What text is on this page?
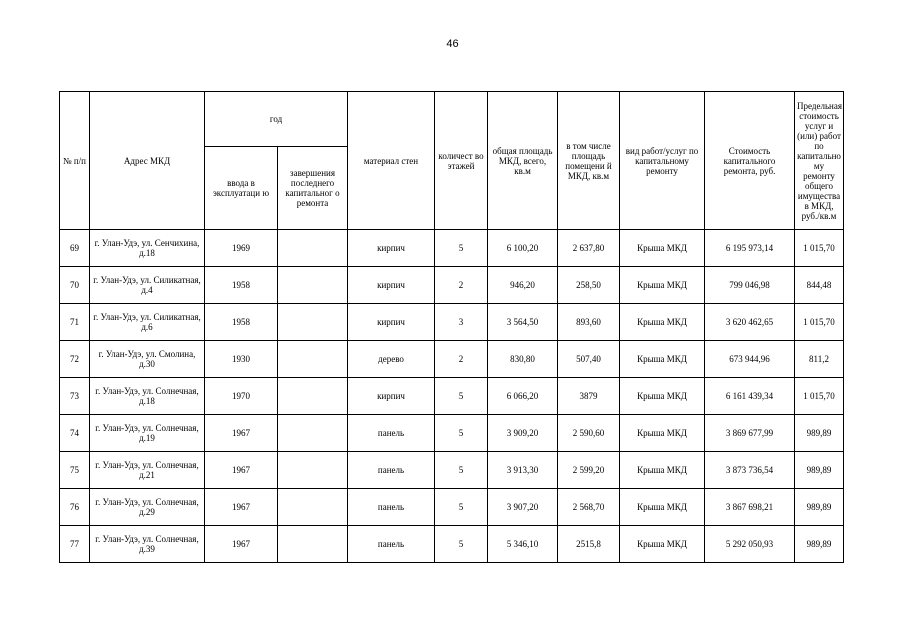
46
№ п/п	Адрес МКД	год		материал стен	количест во этажей	общая площадь МКД, всего, кв.м	в том числе площадь помещени й МКД, кв.м	вид работ/услуг по капитальному ремонту	Стоимость капитального ремонта, руб.	Предельная стоимость услуг и (или) работ по капитально му ремонту общего имущества в МКД, руб./кв.м
		ввода в эксплуатаци ю	завершения последнего капитальног о ремонта							
69	г. Улан-Удэ, ул. Сенчихина, д.18	1969		кирпич	5	6 100,20	2 637,80	Крыша МКД	6 195 973,14	1 015,70
70	г. Улан-Удэ, ул. Силикатная, д.4	1958		кирпич	2	946,20	258,50	Крыша МКД	799 046,98	844,48
71	г. Улан-Удэ, ул. Силикатная, д.6	1958		кирпич	3	3 564,50	893,60	Крыша МКД	3 620 462,65	1 015,70
72	г. Улан-Удэ, ул. Смолина, д.30	1930		дерево	2	830,80	507,40	Крыша МКД	673 944,96	811,2
73	г. Улан-Удэ, ул. Солнечная, д.18	1970		кирпич	5	6 066,20	3879	Крыша МКД	6 161 439,34	1 015,70
74	г. Улан-Удэ, ул. Солнечная, д.19	1967		панель	5	3 909,20	2 590,60	Крыша МКД	3 869 677,99	989,89
75	г. Улан-Удэ, ул. Солнечная, д.21	1967		панель	5	3 913,30	2 599,20	Крыша МКД	3 873 736,54	989,89
76	г. Улан-Удэ, ул. Солнечная, д.29	1967		панель	5	3 907,20	2 568,70	Крыша МКД	3 867 698,21	989,89
77	г. Улан-Удэ, ул. Солнечная, д.39	1967		панель	5	5 346,10	2515,8	Крыша МКД	5 292 050,93	989,89
